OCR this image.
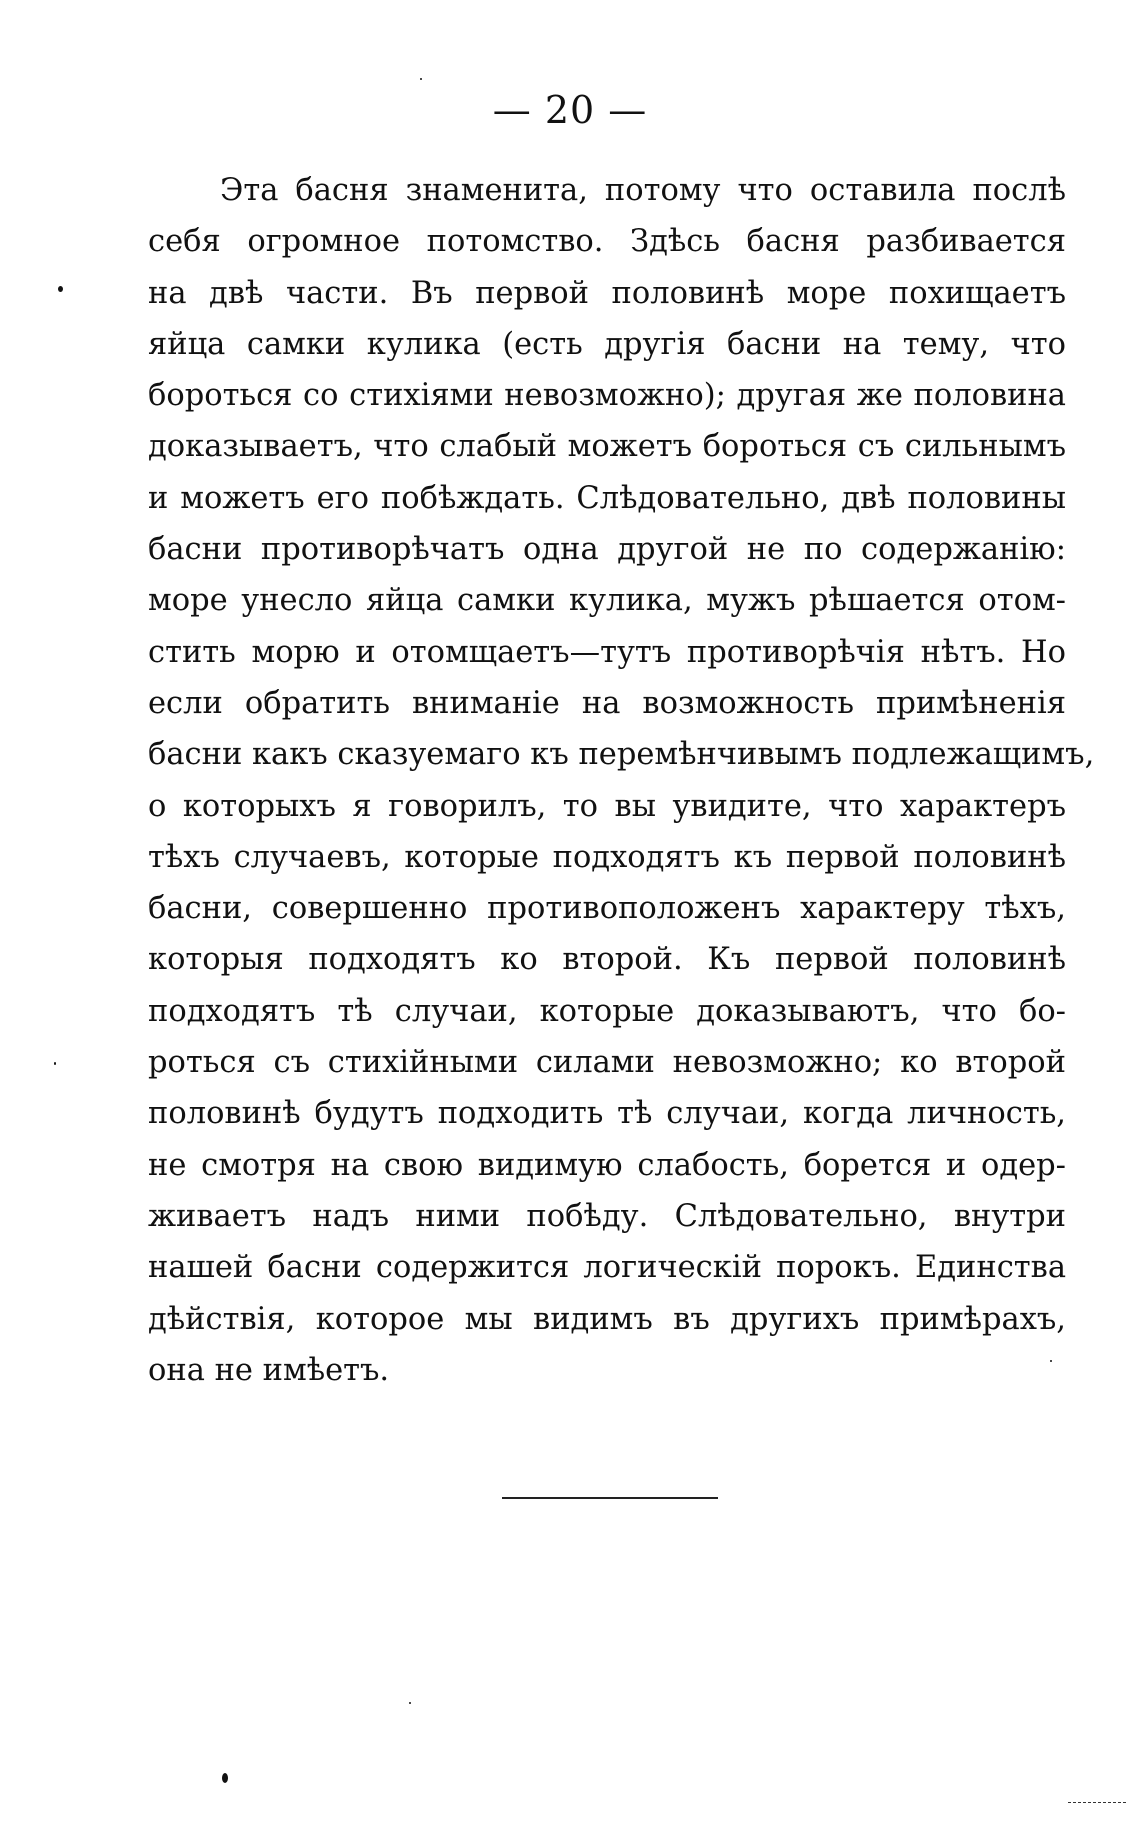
— 20 —
Эта басня знаменита, потому что оставила послѣ
себя огромное потомство. Здѣсь басня разбивается
на двѣ части. Въ первой половинѣ море похищаетъ
яйца самки кулика (есть другія басни на тему, что
бороться со стихіями невозможно); другая же половина
доказываетъ, что слабый можетъ бороться съ сильнымъ
и можетъ его побѣждать. Слѣдовательно, двѣ половины
басни противорѣчатъ одна другой не по содержанію:
море унесло яйца самки кулика, мужъ рѣшается отом-
стить морю и отомщаетъ—тутъ противорѣчія нѣтъ. Но
если обратить вниманіе на возможность примѣненія
басни какъ сказуемаго къ перемѣнчивымъ подлежащимъ,
о которыхъ я говорилъ, то вы увидите, что характеръ
тѣхъ случаевъ, которые подходятъ къ первой половинѣ
басни, совершенно противоположенъ характеру тѣхъ,
которыя подходятъ ко второй. Къ первой половинѣ
подходятъ тѣ случаи, которые доказываютъ, что бо-
роться съ стихійными силами невозможно; ко второй
половинѣ будутъ подходить тѣ случаи, когда личность,
не смотря на свою видимую слабость, борется и одер-
живаетъ надъ ними побѣду. Слѣдовательно, внутри
нашей басни содержится логическій порокъ. Единства
дѣйствія, которое мы видимъ въ другихъ примѣрахъ,
она не имѣетъ.
